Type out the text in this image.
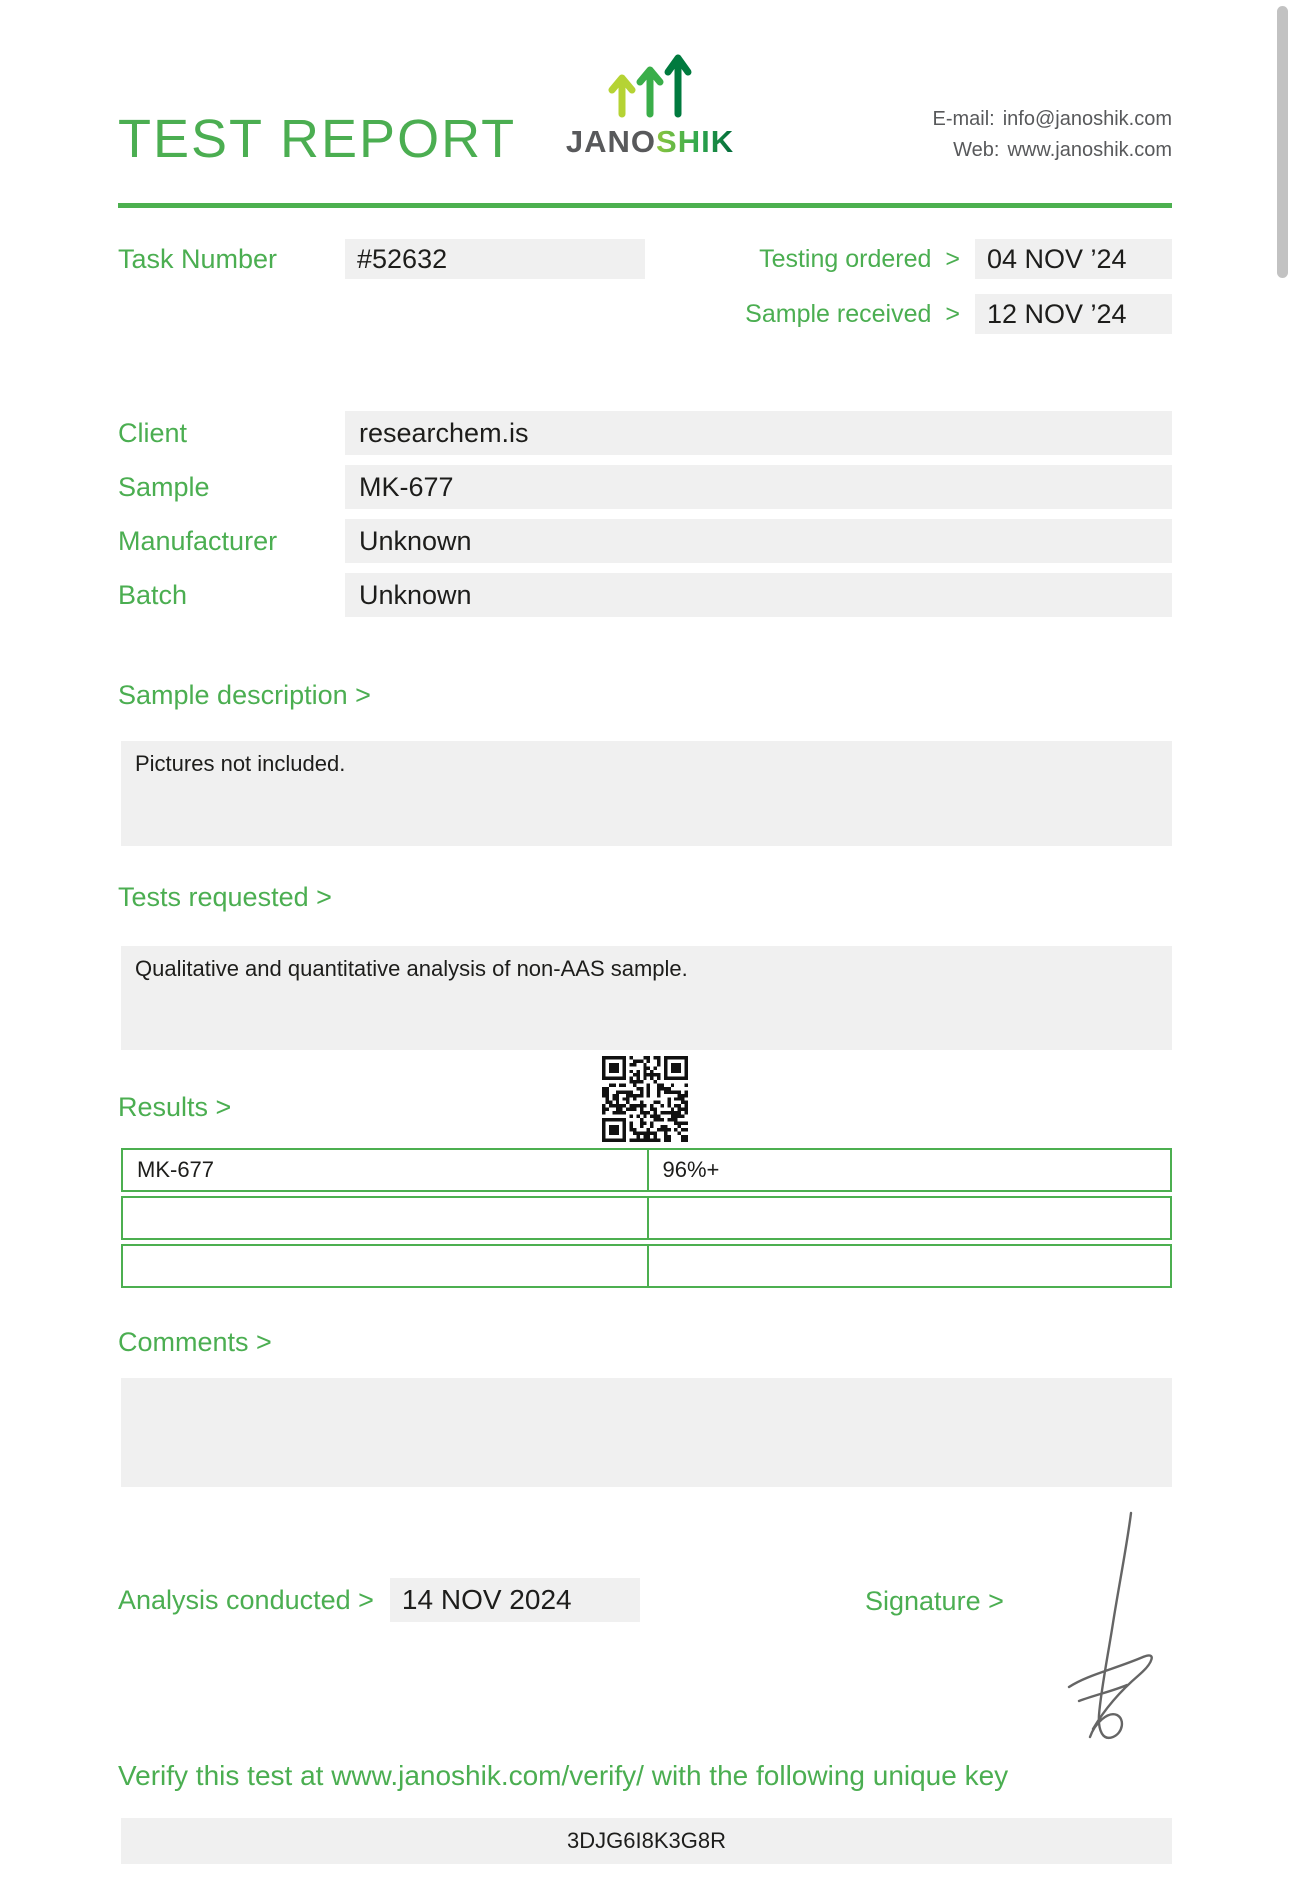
TEST REPORT	JANOSHIK
E-mail: info@janoshik.com
Web: www.janoshik.com
Task Number	#52632	Testing ordered > 04 NOV ’24
Sample received > 12 NOV ’24
Client	researchem.is
Sample	MK-677
Manufacturer	Unknown
Batch	Unknown
Sample description >
Pictures not included.
Tests requested >
Qualitative and quantitative analysis of non-AAS sample.
Results >
MK-677	96%+
Comments >
Analysis conducted > 14 NOV 2024	Signature >
Verify this test at www.janoshik.com/verify/ with the following unique key
3DJG6I8K3G8R
